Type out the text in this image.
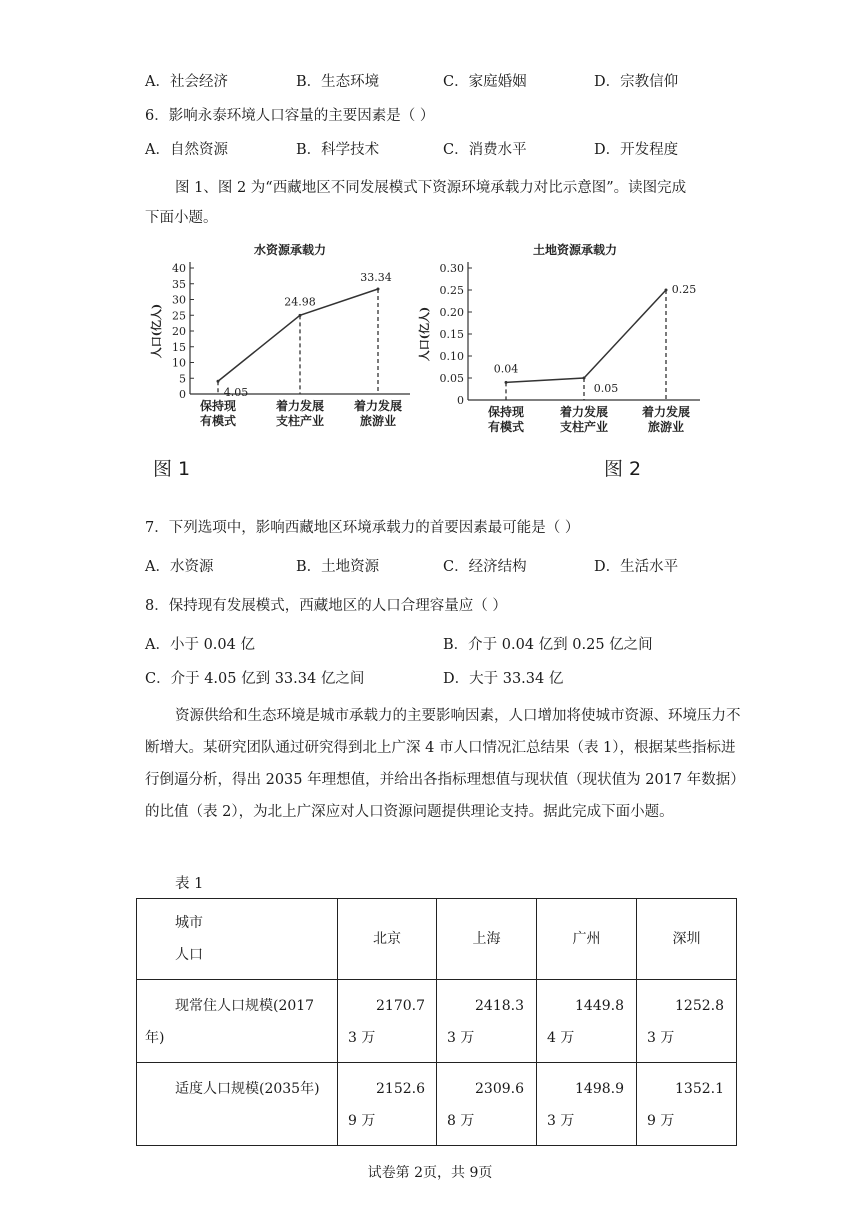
A．社会经济	B．生态环境	C．家庭婚姻	D．宗教信仰
6．影响永泰环境人口容量的主要因素是（ ）
A．自然资源	B．科学技术	C．消费水平	D．开发程度
图 1、图 2 为“西藏地区不同发展模式下资源环境承载力对比示意图”。读图完成
下面小题。
水资源承载力
人口(亿人)
0
5
10
15
20
25
30
35
40
4.05
24.98
33.34
保持现
有模式
着力发展
支柱产业
着力发展
旅游业
土地资源承载力
人口(亿人)
0
0.05
0.10
0.15
0.20
0.25
0.30
0.04
0.05
0.25
保持现
有模式
着力发展
支柱产业
着力发展
旅游业
图 1	图 2
7．下列选项中，影响西藏地区环境承载力的首要因素最可能是（ ）
A．水资源	B．土地资源	C．经济结构	D．生活水平
8．保持现有发展模式，西藏地区的人口合理容量应（ ）
A．小于 0.04 亿	B．介于 0.04 亿到 0.25 亿之间
C．介于 4.05 亿到 33.34 亿之间	D．大于 33.34 亿
资源供给和生态环境是城市承载力的主要影响因素，人口增加将使城市资源、环境压力不断增大。某研究团队通过研究得到北上广深 4 市人口情况汇总结果（表 1），根据某些指标进行倒逼分析，得出 2035 年理想值，并给出各指标理想值与现状值（现状值为 2017 年数据）的比值（表 2），为北上广深应对人口资源问题提供理论支持。据此完成下面小题。
表 1
城市
人口	北京	上海	广州	深圳

现常住人口规模(2017年)	2170.73 万	2418.33 万	1449.84 万	1252.83 万

适度人口规模(2035年)	2152.69 万	2309.68 万	1498.93 万	1352.19 万
试卷第 2页，共 9页
